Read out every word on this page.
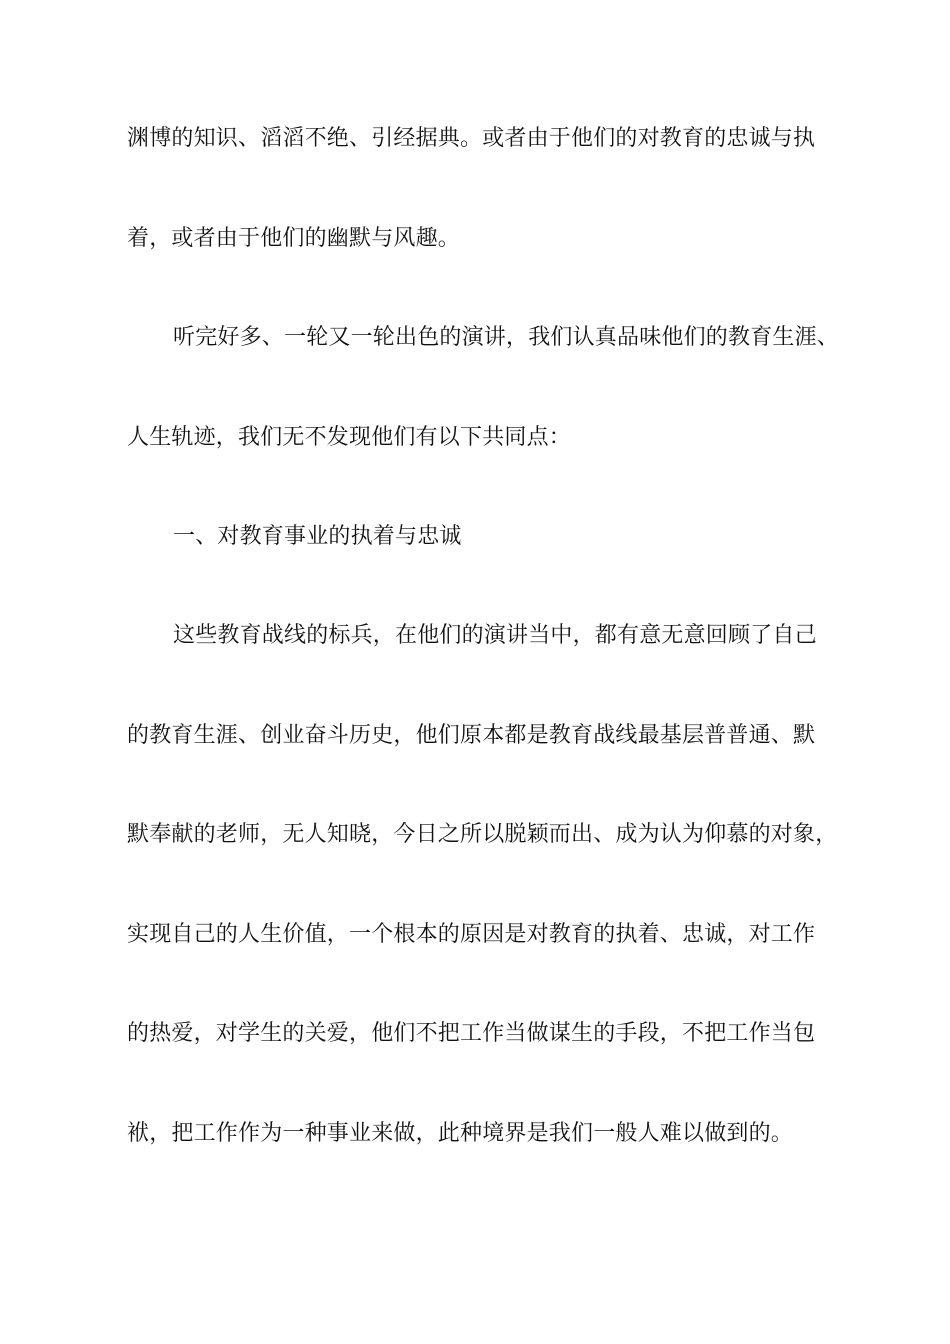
渊博的知识、滔滔不绝、引经据典。或者由于他们的对教育的忠诚与执

着，或者由于他们的幽默与风趣。

听完好多、一轮又一轮出色的演讲，我们认真品味他们的教育生涯、

人生轨迹，我们无不发现他们有以下共同点：

一、对教育事业的执着与忠诚

这些教育战线的标兵，在他们的演讲当中，都有意无意回顾了自己

的教育生涯、创业奋斗历史，他们原本都是教育战线最基层普普通、默

默奉献的老师，无人知晓，今日之所以脱颖而出、成为认为仰慕的对象，

实现自己的人生价值，一个根本的原因是对教育的执着、忠诚，对工作

的热爱，对学生的关爱，他们不把工作当做谋生的手段，不把工作当包

袱，把工作作为一种事业来做，此种境界是我们一般人难以做到的。
